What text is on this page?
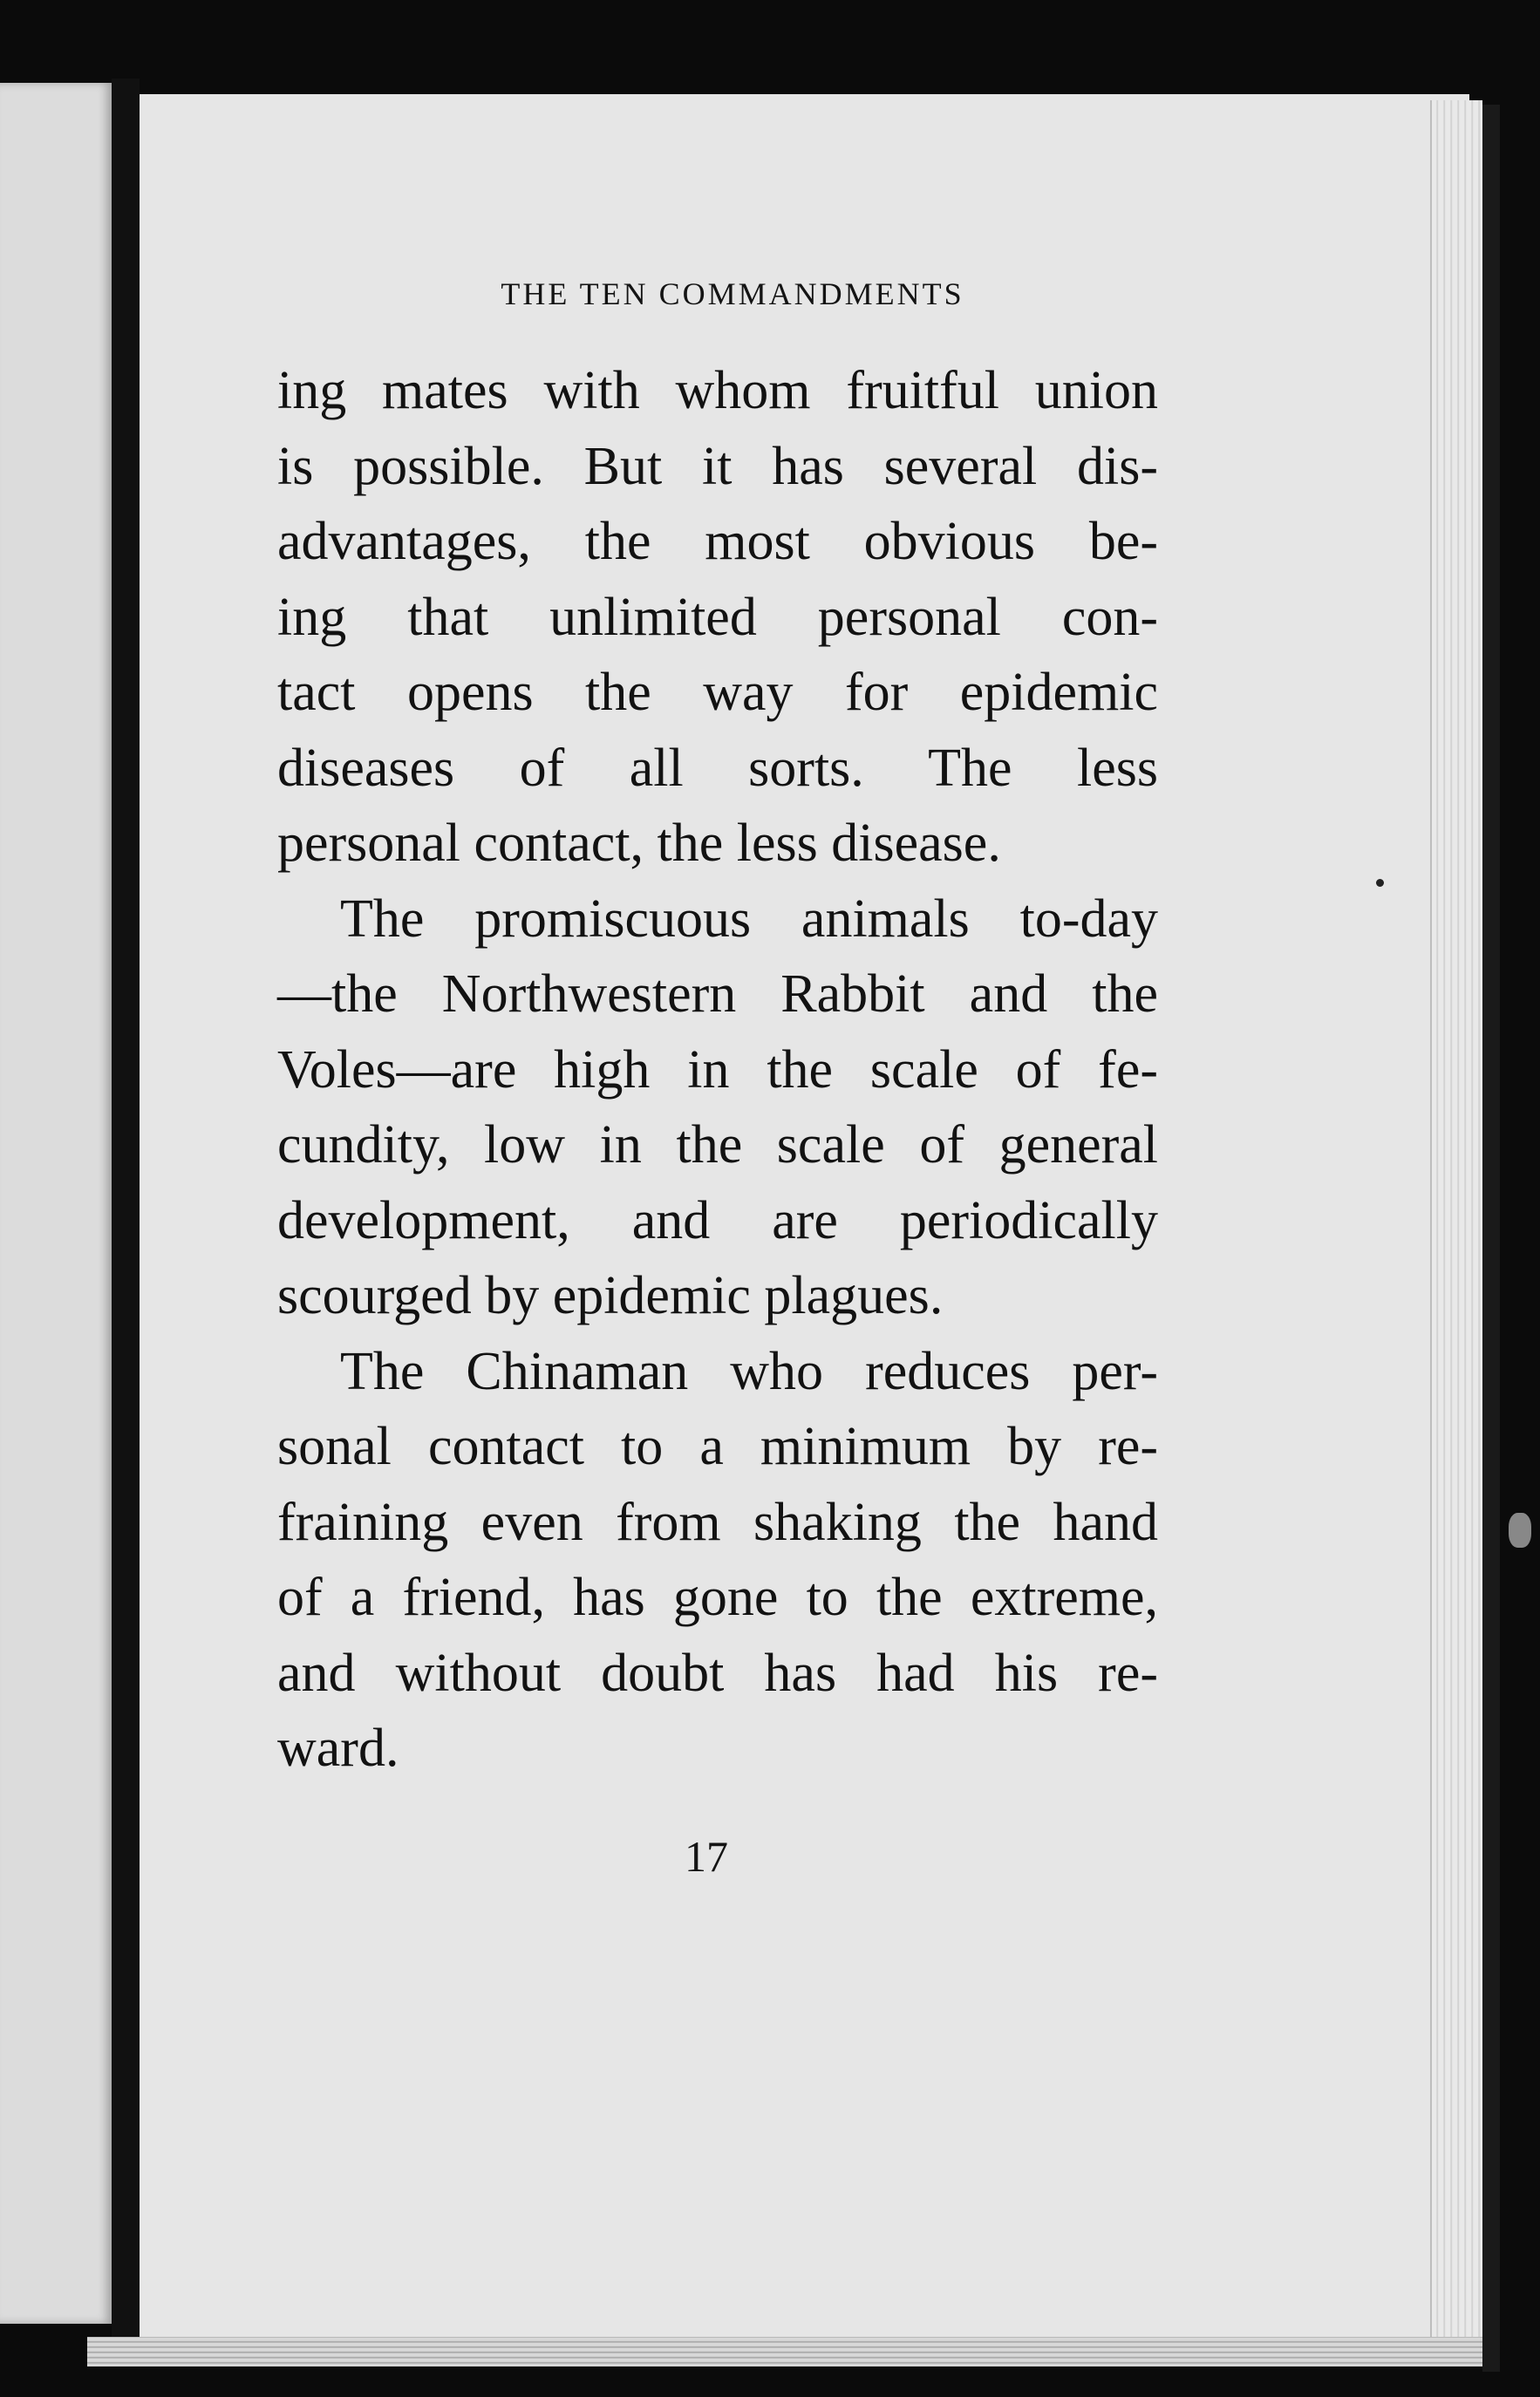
THE TEN COMMANDMENTS
ing mates with whom fruitful union
is possible. But it has several dis-
advantages, the most obvious be-
ing that unlimited personal con-
tact opens the way for epidemic
diseases of all sorts. The less
personal contact, the less disease.
The promiscuous animals to-day
—the Northwestern Rabbit and the
Voles—are high in the scale of fe-
cundity, low in the scale of general
development, and are periodically
scourged by epidemic plagues.
The Chinaman who reduces per-
sonal contact to a minimum by re-
fraining even from shaking the hand
of a friend, has gone to the extreme,
and without doubt has had his re-
ward.
17
